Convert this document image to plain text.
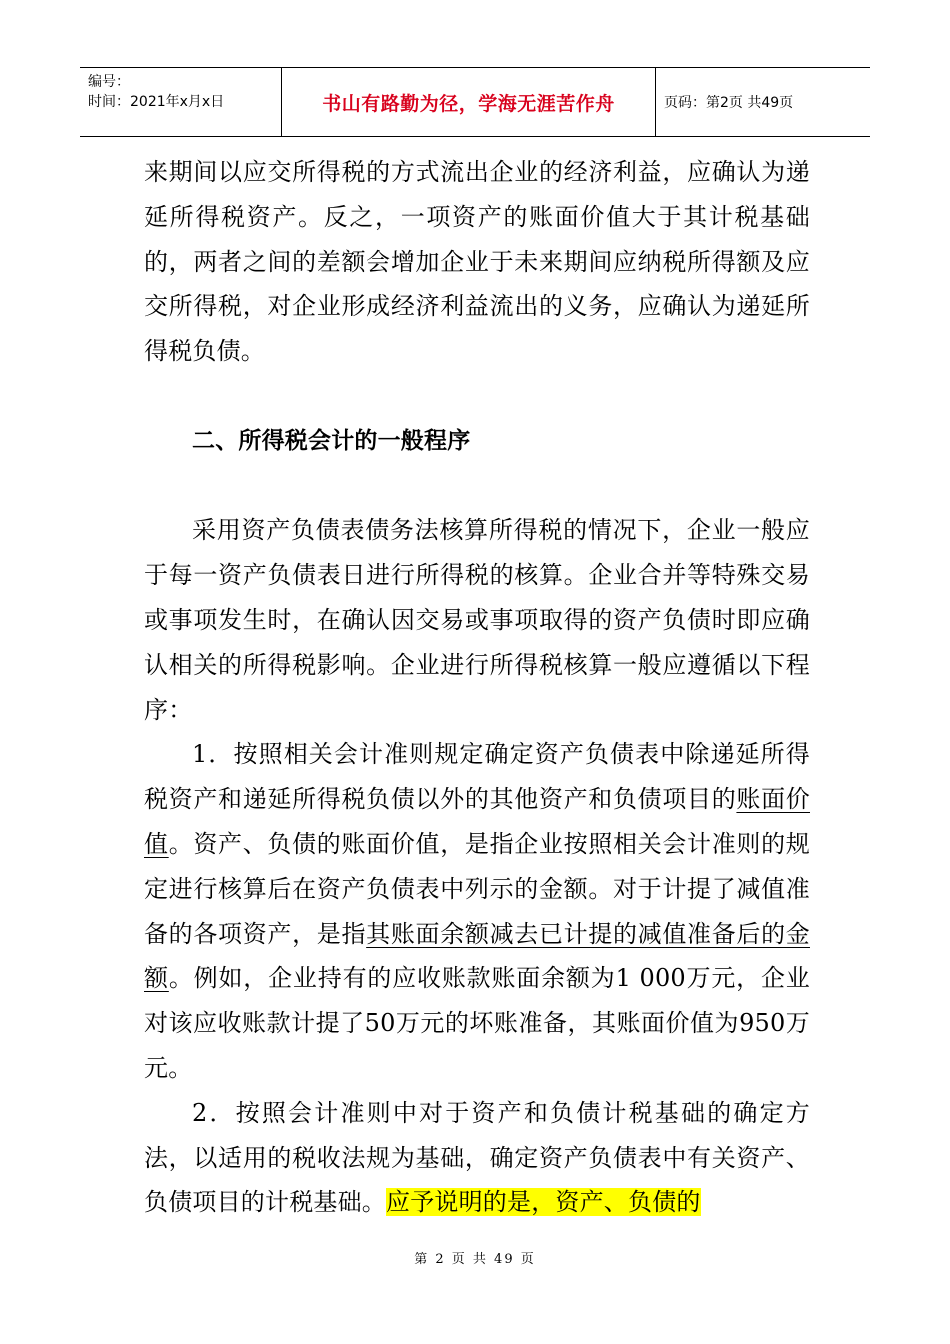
编号：
时间：2021年x月x日	书山有路勤为径，学海无涯苦作舟	页码：第2页 共49页

来期间以应交所得税的方式流出企业的经济利益，应确认为递延所得税资产。反之，一项资产的账面价值大于其计税基础的，两者之间的差额会增加企业于未来期间应纳税所得额及应交所得税，对企业形成经济利益流出的义务，应确认为递延所得税负债。

二、所得税会计的一般程序

采用资产负债表债务法核算所得税的情况下，企业一般应于每一资产负债表日进行所得税的核算。企业合并等特殊交易或事项发生时，在确认因交易或事项取得的资产负债时即应确认相关的所得税影响。企业进行所得税核算一般应遵循以下程序：

1．按照相关会计准则规定确定资产负债表中除递延所得税资产和递延所得税负债以外的其他资产和负债项目的账面价值。资产、负债的账面价值，是指企业按照相关会计准则的规定进行核算后在资产负债表中列示的金额。对于计提了减值准备的各项资产，是指其账面余额减去已计提的减值准备后的金额。例如，企业持有的应收账款账面余额为1 000万元，企业对该应收账款计提了50万元的坏账准备，其账面价值为950万元。

2．按照会计准则中对于资产和负债计税基础的确定方法，以适用的税收法规为基础，确定资产负债表中有关资产、负债项目的计税基础。应予说明的是，资产、负债的

第 2 页 共 49 页
